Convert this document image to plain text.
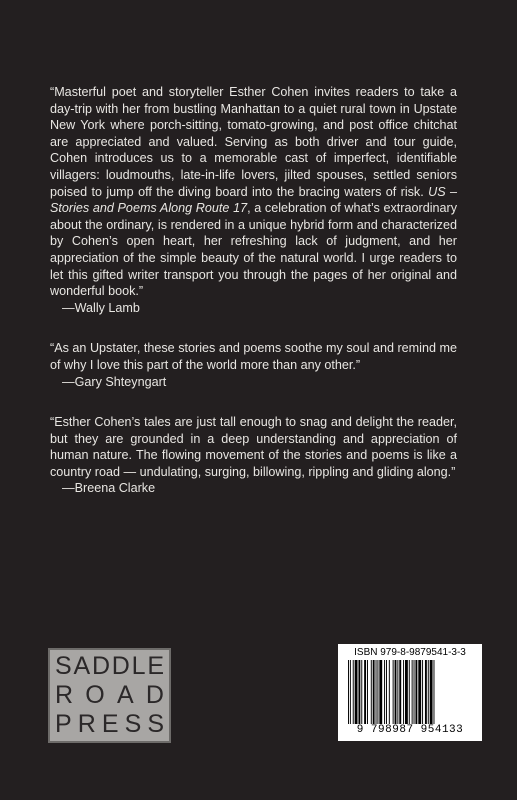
“Masterful poet and storyteller Esther Cohen invites readers to take a day-trip with her from bustling Manhattan to a quiet rural town in Upstate New York where porch-sitting, tomato-growing, and post office chitchat are appreciated and valued. Serving as both driver and tour guide, Cohen introduces us to a memorable cast of imperfect, identifiable villagers: loudmouths, late-in-life lovers, jilted spouses, settled seniors poised to jump off the diving board into the bracing waters of risk. US – Stories and Poems Along Route 17, a celebration of what’s extraordinary about the ordinary, is rendered in a unique hybrid form and characterized by Cohen’s open heart, her refreshing lack of judgment, and her appreciation of the simple beauty of the natural world. I urge readers to let this gifted writer transport you through the pages of her original and wonderful book.”

—Wally Lamb

“As an Upstater, these stories and poems soothe my soul and remind me of why I love this part of the world more than any other.”

—Gary Shteyngart

“Esther Cohen’s tales are just tall enough to snag and delight the reader, but they are grounded in a deep understanding and appreciation of human nature. The flowing movement of the stories and poems is like a country road — undulating, surging, billowing, rippling and gliding along.”

—Breena Clarke

S A D D L E
R O A D
P R E S S
ISBN 979-8-9879541-3-3
9 798987 954133
